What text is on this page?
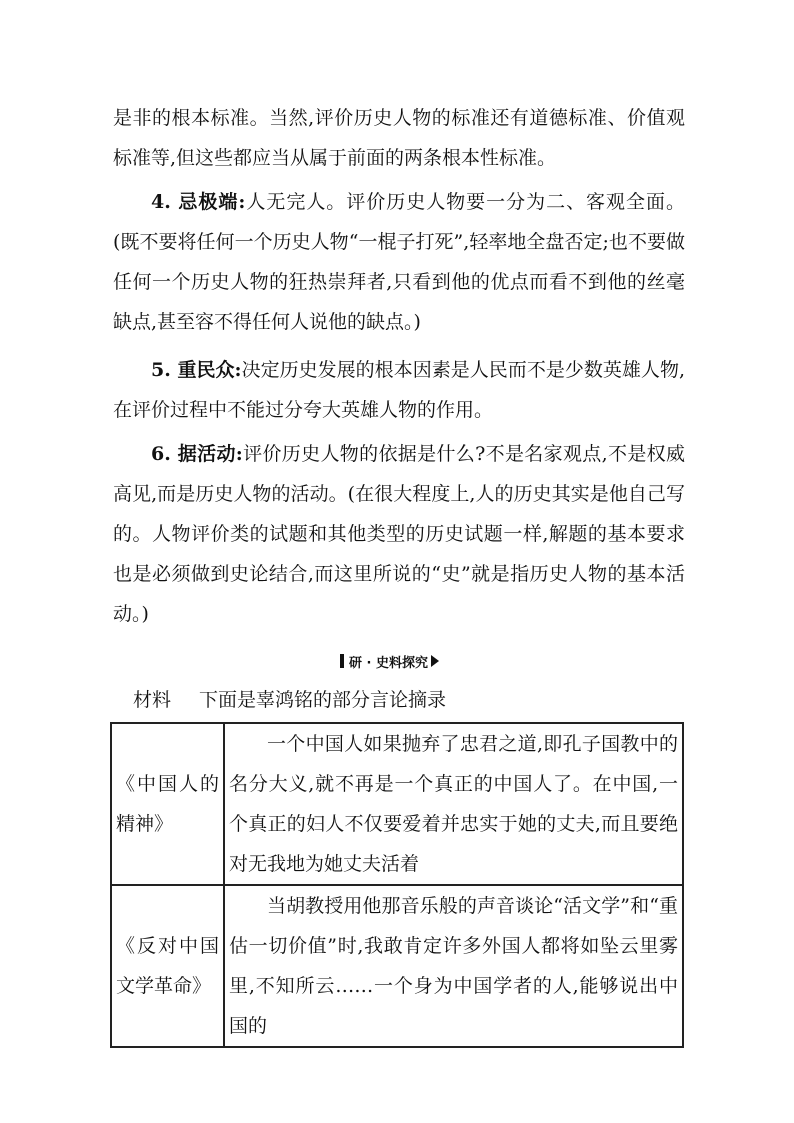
是非的根本标准。当然,评价历史人物的标准还有道德标准、价值观标准等,但这些都应当从属于前面的两条根本性标准。

4. 忌极端:人无完人。评价历史人物要一分为二、客观全面。(既不要将任何一个历史人物“一棍子打死”,轻率地全盘否定;也不要做任何一个历史人物的狂热崇拜者,只看到他的优点而看不到他的丝毫缺点,甚至容不得任何人说他的缺点。)

5. 重民众:决定历史发展的根本因素是人民而不是少数英雄人物,在评价过程中不能过分夸大英雄人物的作用。

6. 据活动:评价历史人物的依据是什么?不是名家观点,不是权威高见,而是历史人物的活动。(在很大程度上,人的历史其实是他自己写的。人物评价类的试题和其他类型的历史试题一样,解题的基本要求也是必须做到史论结合,而这里所说的“史”就是指历史人物的基本活动。)

研 · 史料探究
材料 下面是辜鸿铭的部分言论摘录
《中国人的精神》	一个中国人如果抛弃了忠君之道,即孔子国教中的名分大义,就不再是一个真正的中国人了。在中国,一个真正的妇人不仅要爱着并忠实于她的丈夫,而且要绝对无我地为她丈夫活着
《反对中国文学革命》	当胡教授用他那音乐般的声音谈论“活文学”和“重估一切价值”时,我敢肯定许多外国人都将如坠云里雾里,不知所云……一个身为中国学者的人,能够说出中国的
